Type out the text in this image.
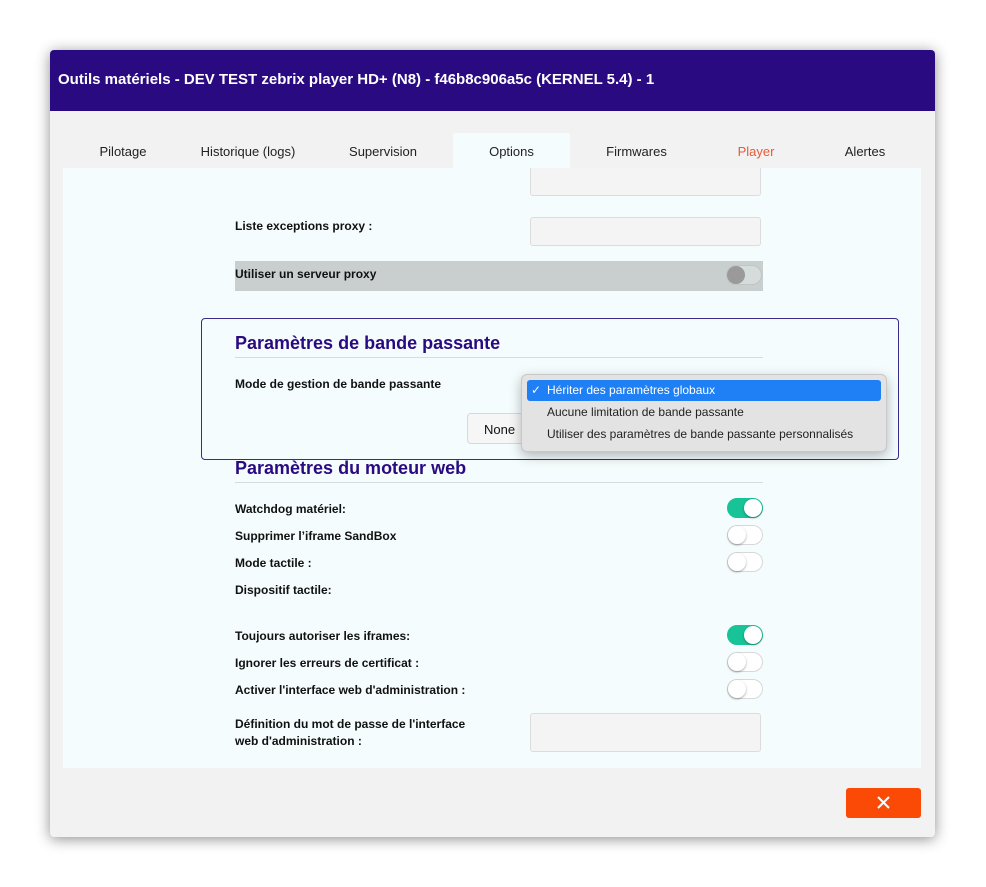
Outils matériels - DEV TEST zebrix player HD+ (N8) - f46b8c906a5c (KERNEL 5.4) - 1
Pilotage	Historique (logs)	Supervision	Options	Firmwares	Player	Alertes
Liste exceptions proxy :
Utiliser un serveur proxy
Paramètres de bande passante
Mode de gestion de bande passante
Paramètres du moteur web
Watchdog matériel:
Supprimer l’iframe SandBox
Mode tactile :
Dispositif tactile:
Toujours autoriser les iframes:
Ignorer les erreurs de certificat :
Activer l'interface web d'administration :
Définition du mot de passe de l'interface
web d'administration :
None
✓ Hériter des paramètres globaux
Aucune limitation de bande passante
Utiliser des paramètres de bande passante personnalisés
